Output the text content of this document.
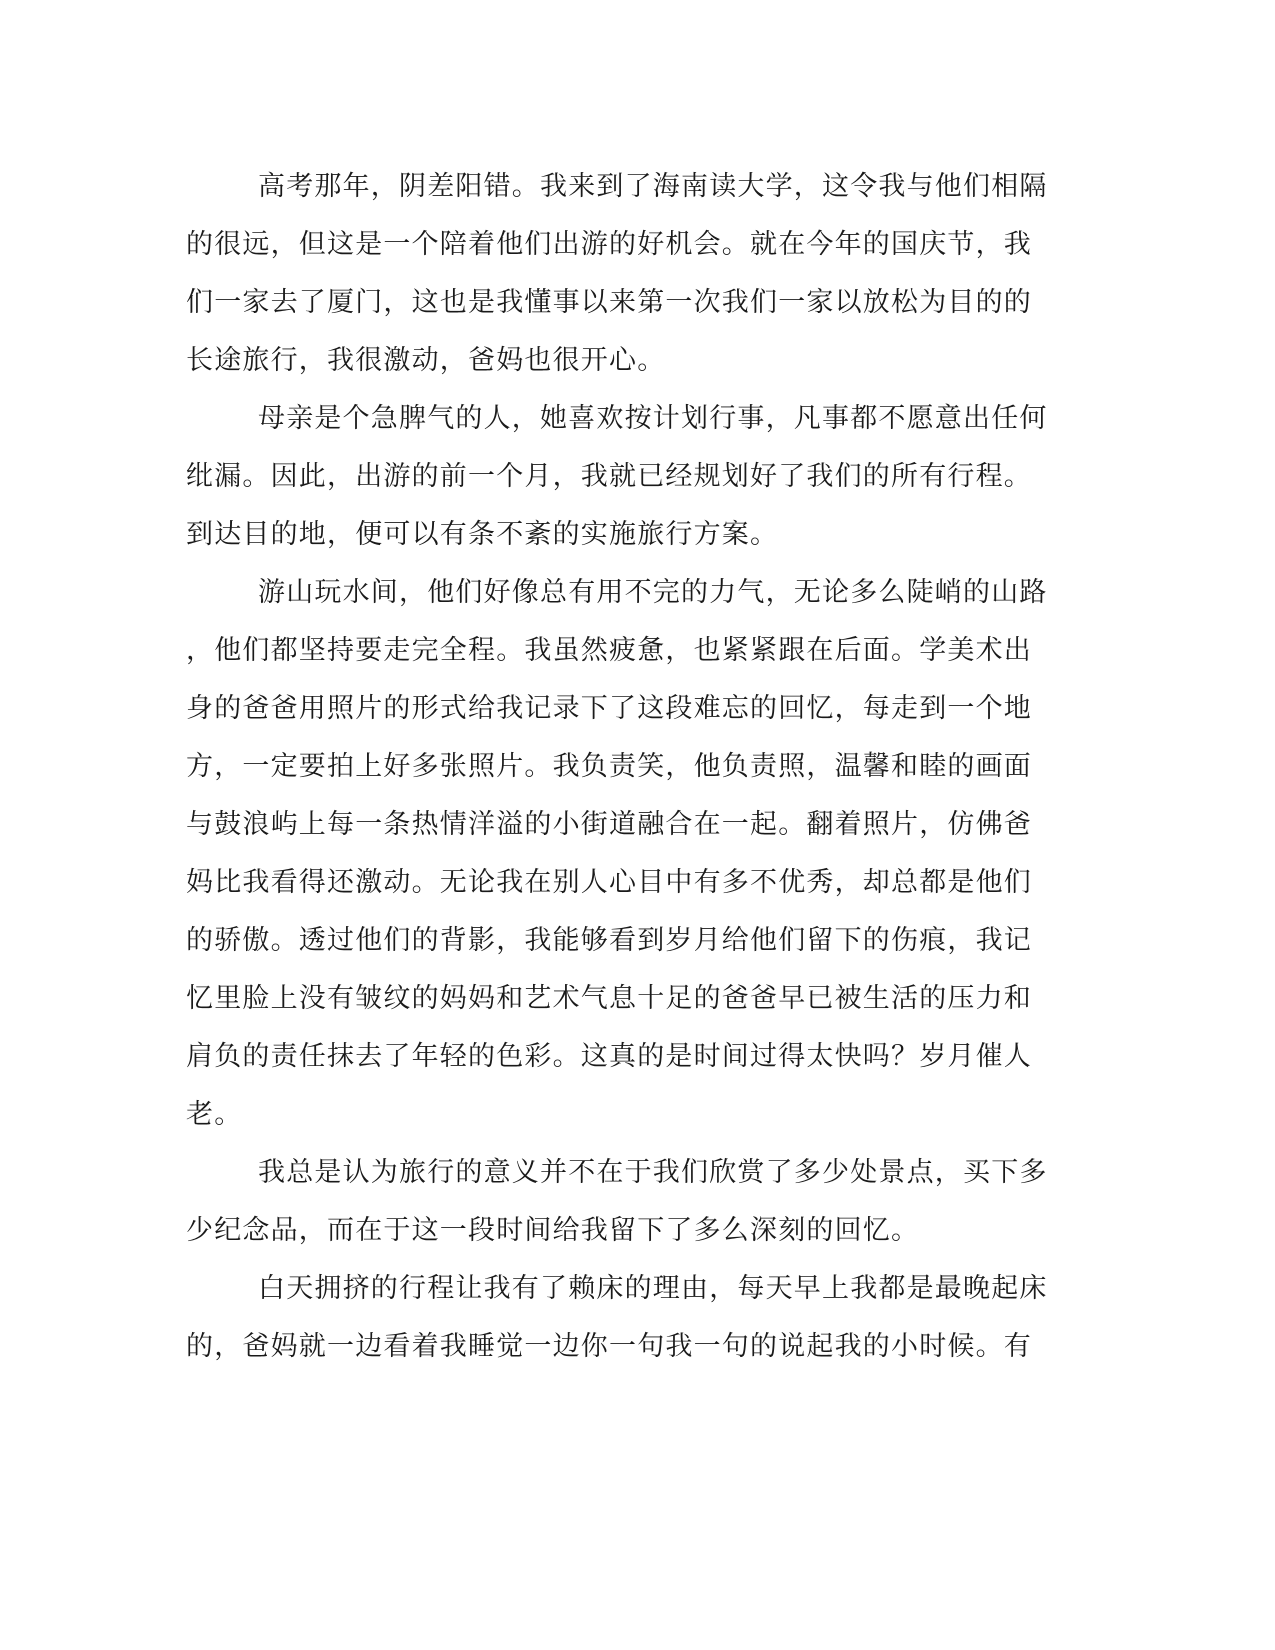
高考那年，阴差阳错。我来到了海南读大学，这令我与他们相隔
的很远，但这是一个陪着他们出游的好机会。就在今年的国庆节，我
们一家去了厦门，这也是我懂事以来第一次我们一家以放松为目的的
长途旅行，我很激动，爸妈也很开心。
母亲是个急脾气的人，她喜欢按计划行事，凡事都不愿意出任何
纰漏。因此，出游的前一个月，我就已经规划好了我们的所有行程。
到达目的地，便可以有条不紊的实施旅行方案。
游山玩水间，他们好像总有用不完的力气，无论多么陡峭的山路
，他们都坚持要走完全程。我虽然疲惫，也紧紧跟在后面。学美术出
身的爸爸用照片的形式给我记录下了这段难忘的回忆，每走到一个地
方，一定要拍上好多张照片。我负责笑，他负责照，温馨和睦的画面
与鼓浪屿上每一条热情洋溢的小街道融合在一起。翻着照片，仿佛爸
妈比我看得还激动。无论我在别人心目中有多不优秀，却总都是他们
的骄傲。透过他们的背影，我能够看到岁月给他们留下的伤痕，我记
忆里脸上没有皱纹的妈妈和艺术气息十足的爸爸早已被生活的压力和
肩负的责任抹去了年轻的色彩。这真的是时间过得太快吗？岁月催人
老。
我总是认为旅行的意义并不在于我们欣赏了多少处景点，买下多
少纪念品，而在于这一段时间给我留下了多么深刻的回忆。
白天拥挤的行程让我有了赖床的理由，每天早上我都是最晚起床
的，爸妈就一边看着我睡觉一边你一句我一句的说起我的小时候。有
